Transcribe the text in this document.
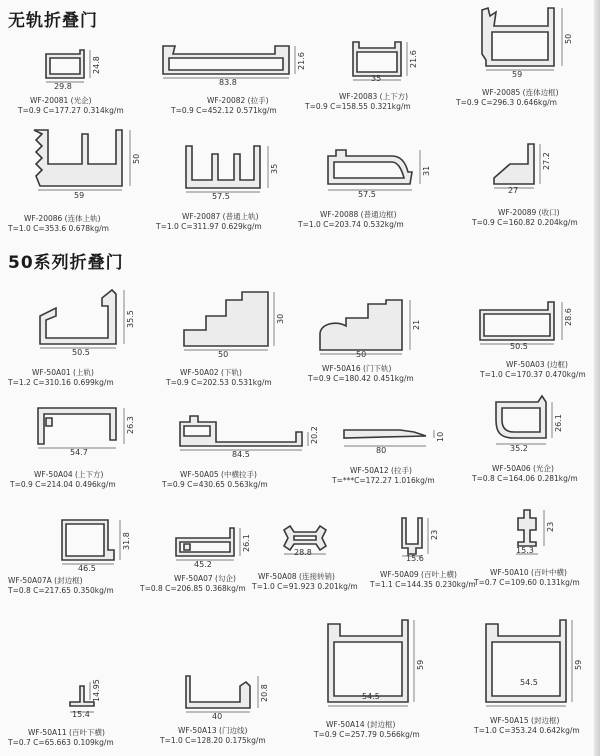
无轨折叠门
50系列折叠门
29.8
24.8
WF-20081 (光企)
T=0.9 C=177.27 0.314kg/m
83.8
21.6
WF-20082 (拉手)
T=0.9 C=452.12 0.571kg/m
35
21.6
WF-20083 (上下方)
T=0.9 C=158.55 0.321kg/m
59
50
WF-20085 (连体边框)
T=0.9 C=296.3 0.646kg/m
59
50
WF-20086 (连体上轨)
T=1.0 C=353.6 0.678kg/m
57.5
35
WF-20087 (普通上轨)
T=1.0 C=311.97 0.629kg/m
57.5
31
WF-20088 (普通边框)
T=1.0 C=203.74 0.532kg/m
27
27.2
WF-20089 (收口)
T=0.9 C=160.82 0.204kg/m
50.5
35.5
WF-50A01 (上轨)
T=1.2 C=310.16 0.699kg/m
50
30
WF-50A02 (下轨)
T=0.9 C=202.53 0.531kg/m
50
21
WF-50A16 (门下轨)
T=0.9 C=180.42 0.451kg/m
50.5
28.6
WF-50A03 (边框)
T=1.0 C=170.37 0.470kg/m
54.7
26.3
WF-50A04 (上下方)
T=0.9 C=214.04 0.496kg/m
84.5
20.2
WF-50A05 (中横拉手)
T=0.9 C=430.65 0.563kg/m
80
10
WF-50A12 (拉手)
T=***C=172.27 1.016kg/m
35.2
26.1
WF-50A06 (光企)
T=0.8 C=164.06 0.281kg/m
46.5
31.8
WF-50A07A (封边框)
T=0.8 C=217.65 0.350kg/m
45.2
26.1
WF-50A07 (勾企)
T=0.8 C=206.85 0.368kg/m
28.8
WF-50A08 (连接转销)
T=1.0 C=91.923 0.201kg/m
15.6
23
WF-50A09 (百叶上横)
T=1.1 C=144.35 0.230kg/m
15.3
23
WF-50A10 (百叶中横)
T=0.7 C=109.60 0.131kg/m
15.4
14.95
WF-50A11 (百叶下横)
T=0.7 C=65.663 0.109kg/m
40
20.8
WF-50A13 (门边线)
T=1.0 C=128.20 0.175kg/m
54.5
59
WF-50A14 (封边框)
T=0.9 C=257.79 0.566kg/m
54.5
59
WF-50A15 (封边框)
T=1.0 C=353.24 0.642kg/m
